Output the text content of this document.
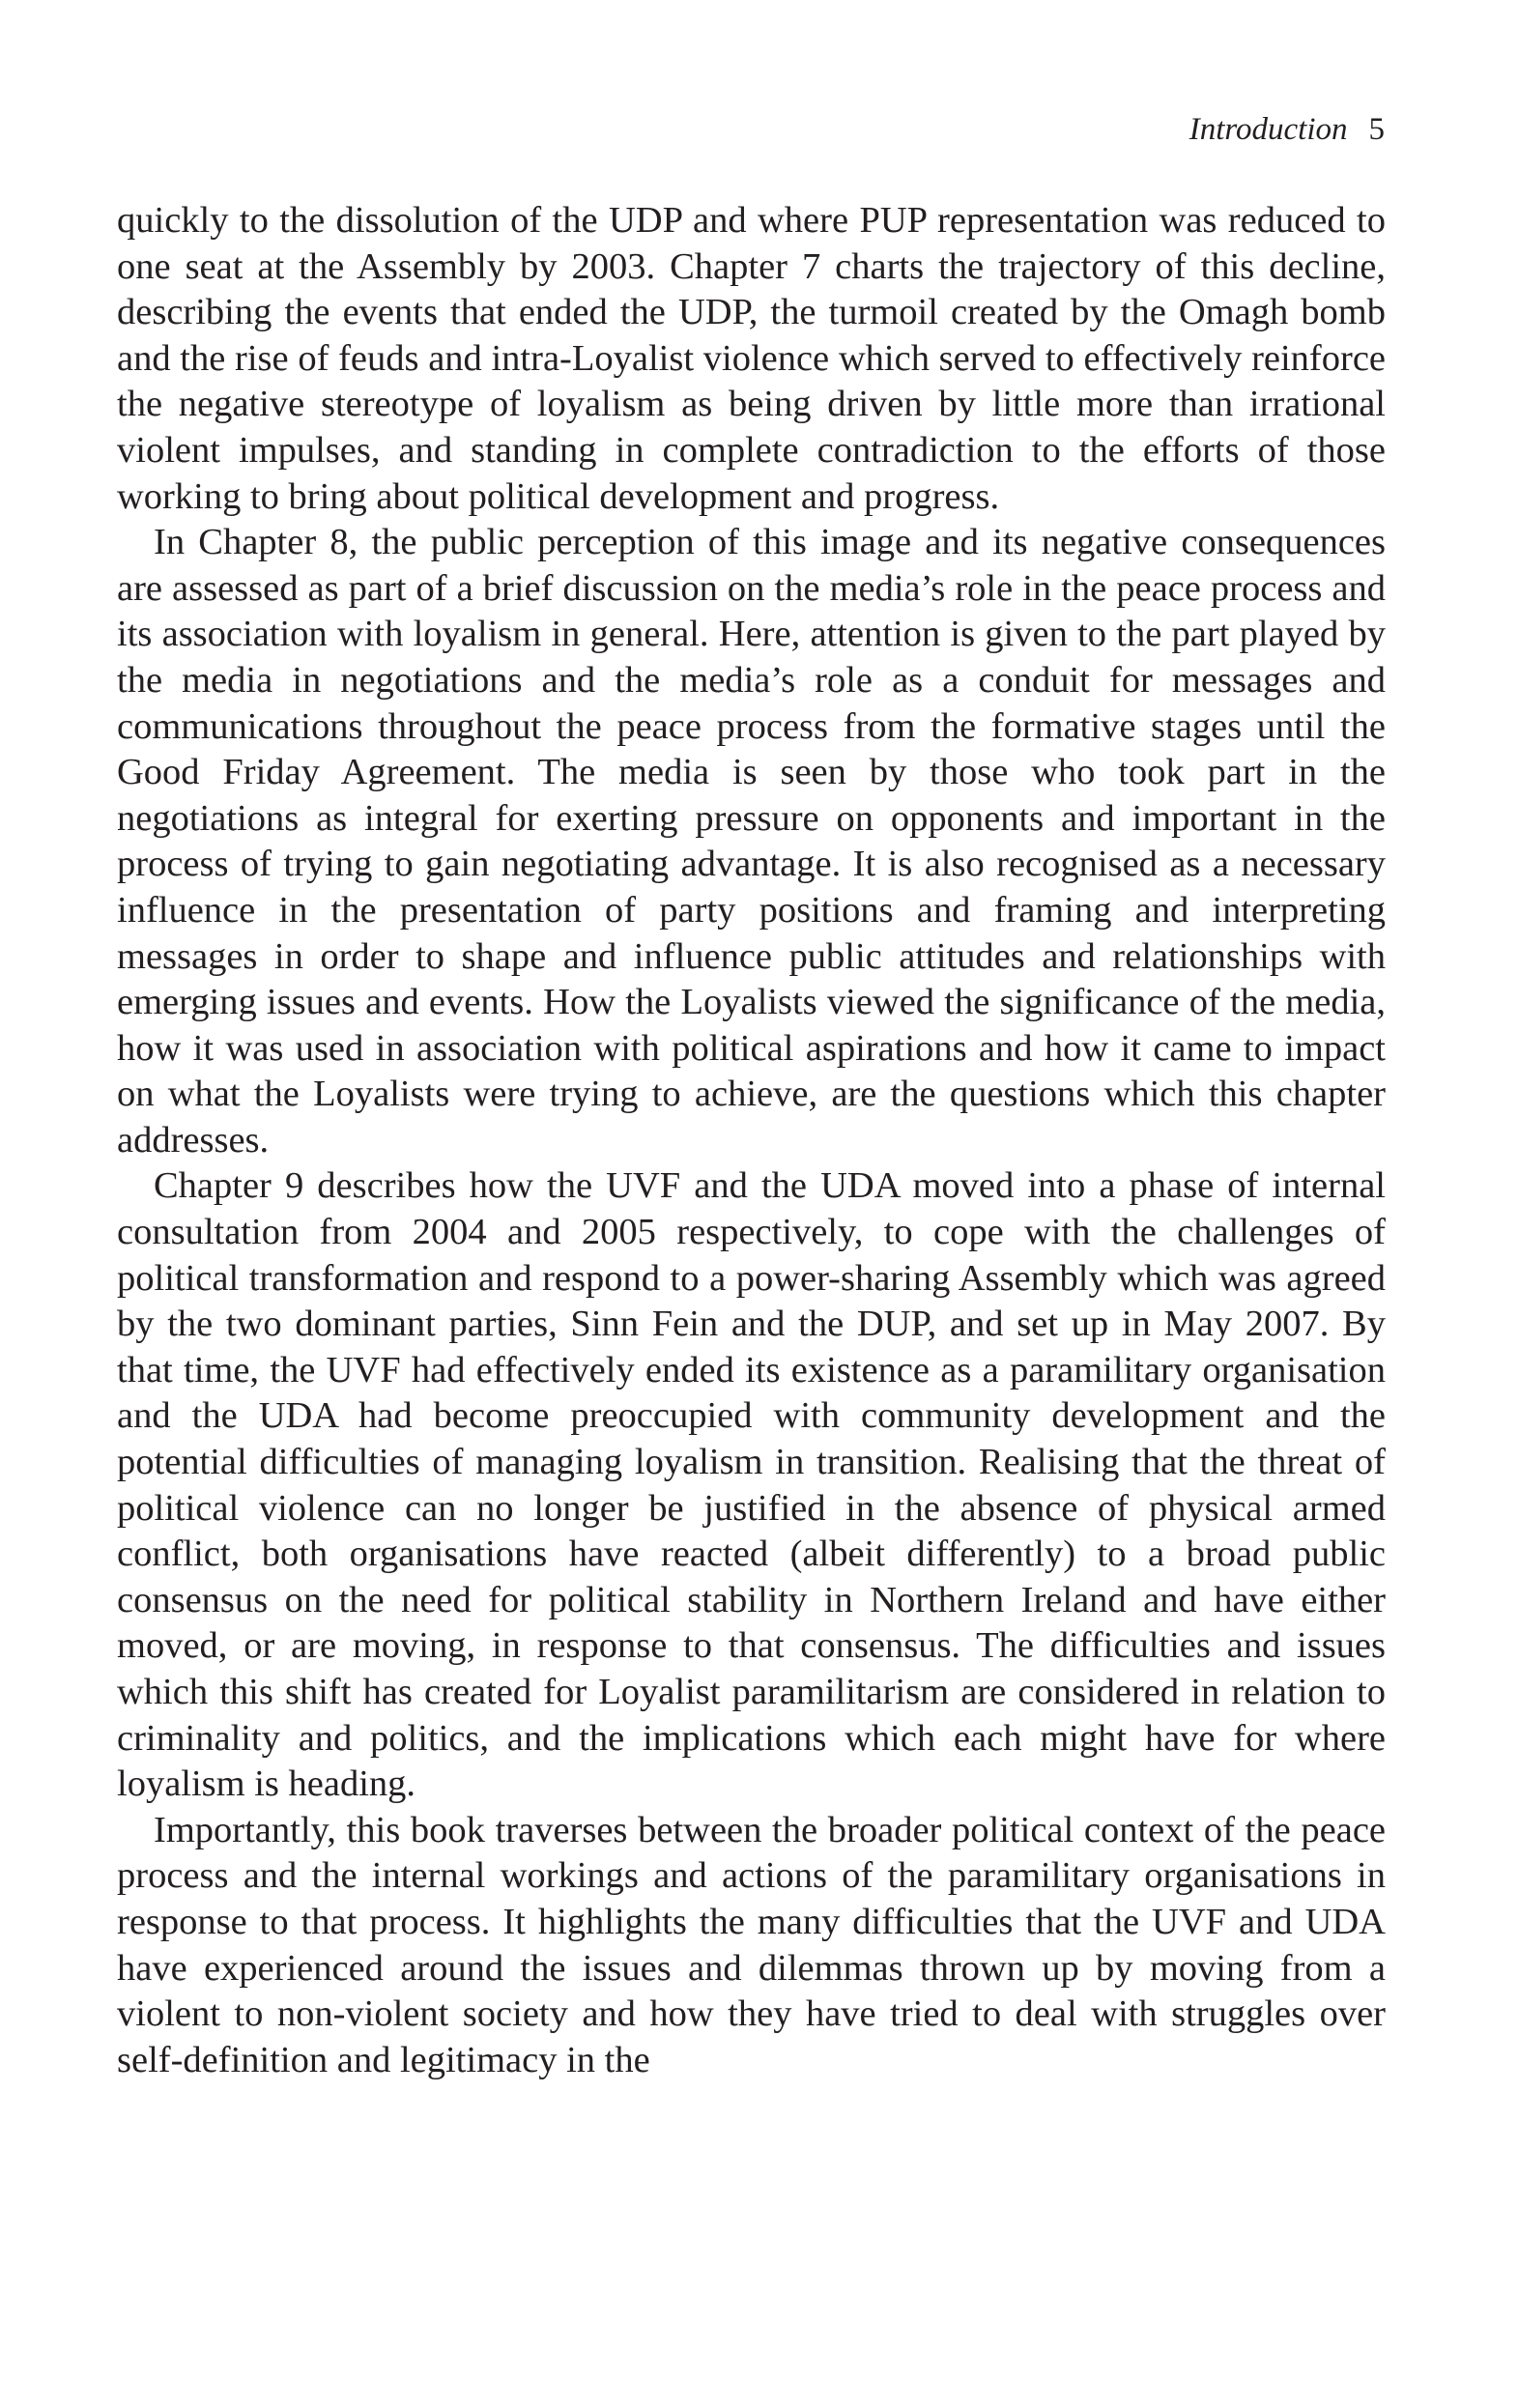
Introduction 5

quickly to the dissolution of the UDP and where PUP representation was reduced to one seat at the Assembly by 2003. Chapter 7 charts the trajectory of this decline, describing the events that ended the UDP, the turmoil created by the Omagh bomb and the rise of feuds and intra-Loyalist violence which served to effectively reinforce the negative stereotype of loyalism as being driven by little more than irrational violent impulses, and standing in complete contradiction to the efforts of those working to bring about political development and progress.

In Chapter 8, the public perception of this image and its negative consequences are assessed as part of a brief discussion on the media’s role in the peace process and its association with loyalism in general. Here, attention is given to the part played by the media in negotiations and the media’s role as a conduit for messages and communications throughout the peace process from the formative stages until the Good Friday Agreement. The media is seen by those who took part in the negotiations as integral for exerting pressure on opponents and important in the process of trying to gain negotiating advantage. It is also recognised as a necessary influence in the presentation of party positions and framing and interpreting messages in order to shape and influence public attitudes and relationships with emerging issues and events. How the Loyalists viewed the significance of the media, how it was used in association with political aspirations and how it came to impact on what the Loyalists were trying to achieve, are the questions which this chapter addresses.

Chapter 9 describes how the UVF and the UDA moved into a phase of internal consultation from 2004 and 2005 respectively, to cope with the challenges of political transformation and respond to a power-sharing Assembly which was agreed by the two dominant parties, Sinn Fein and the DUP, and set up in May 2007. By that time, the UVF had effectively ended its existence as a paramilitary organisation and the UDA had become preoccupied with community development and the potential difficulties of managing loyalism in transition. Realising that the threat of political violence can no longer be justified in the absence of physical armed conflict, both organisations have reacted (albeit differently) to a broad public consensus on the need for political stability in Northern Ireland and have either moved, or are moving, in response to that consensus. The difficulties and issues which this shift has created for Loyalist paramilitarism are considered in relation to criminality and politics, and the implications which each might have for where loyalism is heading.

Importantly, this book traverses between the broader political context of the peace process and the internal workings and actions of the paramilitary organisations in response to that process. It highlights the many difficulties that the UVF and UDA have experienced around the issues and dilemmas thrown up by moving from a violent to non-violent society and how they have tried to deal with struggles over self-definition and legitimacy in the
